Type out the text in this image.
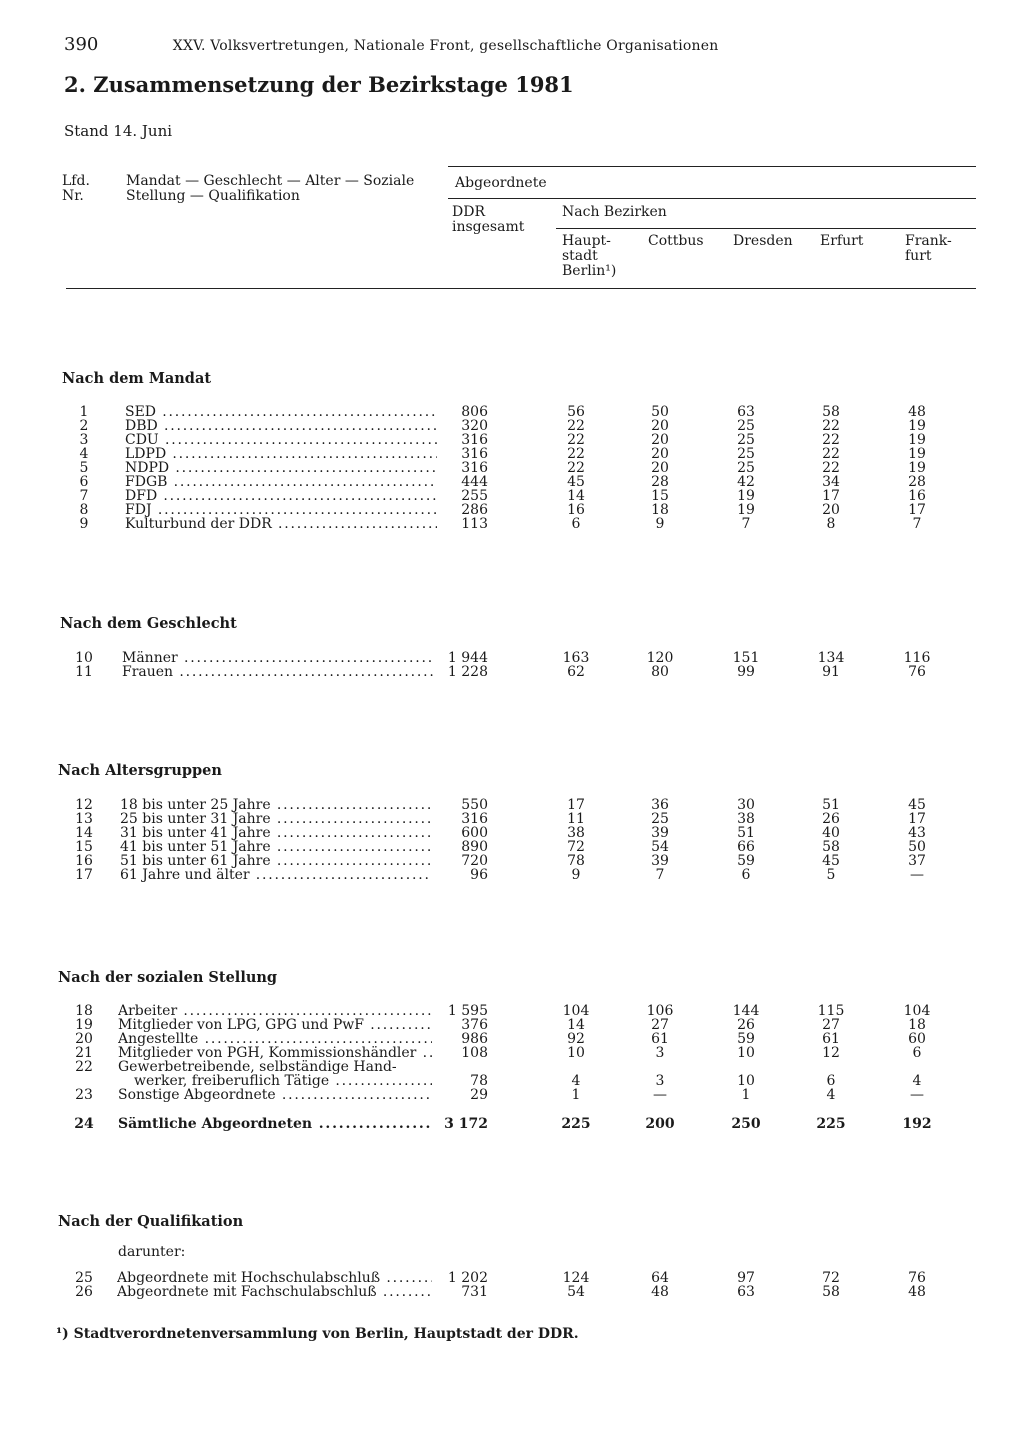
390	XXV. Volksvertretungen, Nationale Front, gesellschaftliche Organisationen
2. Zusammensetzung der Bezirkstage 1981
Stand 14. Juni
Lfd. Nr.
Mandat — Geschlecht — Alter — Soziale Stellung — Qualifikation
Abgeordnete
DDR insgesamt
Nach Bezirken
Haupt-stadt Berlin¹)
Cottbus Dresden Erfurt	Frank-furt
Nach dem Mandat
1	SED .....	806	56	50	63	58	48
2	DBD .....	320	22	20	25	22	19
3	CDU .....	316	22	20	25	22	19
4	LDPD .....	316	22	20	25	22	19
5	NDPD .....	316	22	20	25	22	19
6	FDGB .....	444	45	28	42	34	28
7	DFD .....	255	14	15	19	17	16
8	FDJ .....	286	16	18	19	20	17
9	Kulturbund der DDR .....	113	6	9	7	8	7
Nach dem Geschlecht
10	Männer .....	1 944	163	120	151	134	116
11	Frauen .....	1 228	62	80	99	91	76
Nach Altersgruppen
12	18 bis unter 25 Jahre .....	550	17	36	30	51	45
13	25 bis unter 31 Jahre .....	316	11	25	38	26	17
14	31 bis unter 41 Jahre .....	600	38	39	51	40	43
15	41 bis unter 51 Jahre .....	890	72	54	66	58	50
16	51 bis unter 61 Jahre .....	720	78	39	59	45	37
17	61 Jahre und älter .....	96	9	7	6	5	—
Nach der sozialen Stellung
18	Arbeiter .....	1 595	104	106	144	115	104
19	Mitglieder von LPG, GPG und PwF .....	376	14	27	26	27	18
20	Angestellte .....	986	92	61	59	61	60
21	Mitglieder von PGH, Kommissionshändler .....	108	10	3	10	12	6
22	Gewerbetreibende, selbständige Hand-
werker, freiberuflich Tätige .....	78	4	3	10	6	4
23	Sonstige Abgeordnete .....	29	1	—	1	4	—
24	Sämtliche Abgeordneten .....	3 172	225	200	250	225	192
Nach der Qualifikation
darunter:
25	Abgeordnete mit Hochschulabschluß .....	1 202	124	64	97	72	76
26	Abgeordnete mit Fachschulabschluß .....	731	54	48	63	58	48
¹) Stadtverordnetenversammlung von Berlin, Hauptstadt der DDR.
